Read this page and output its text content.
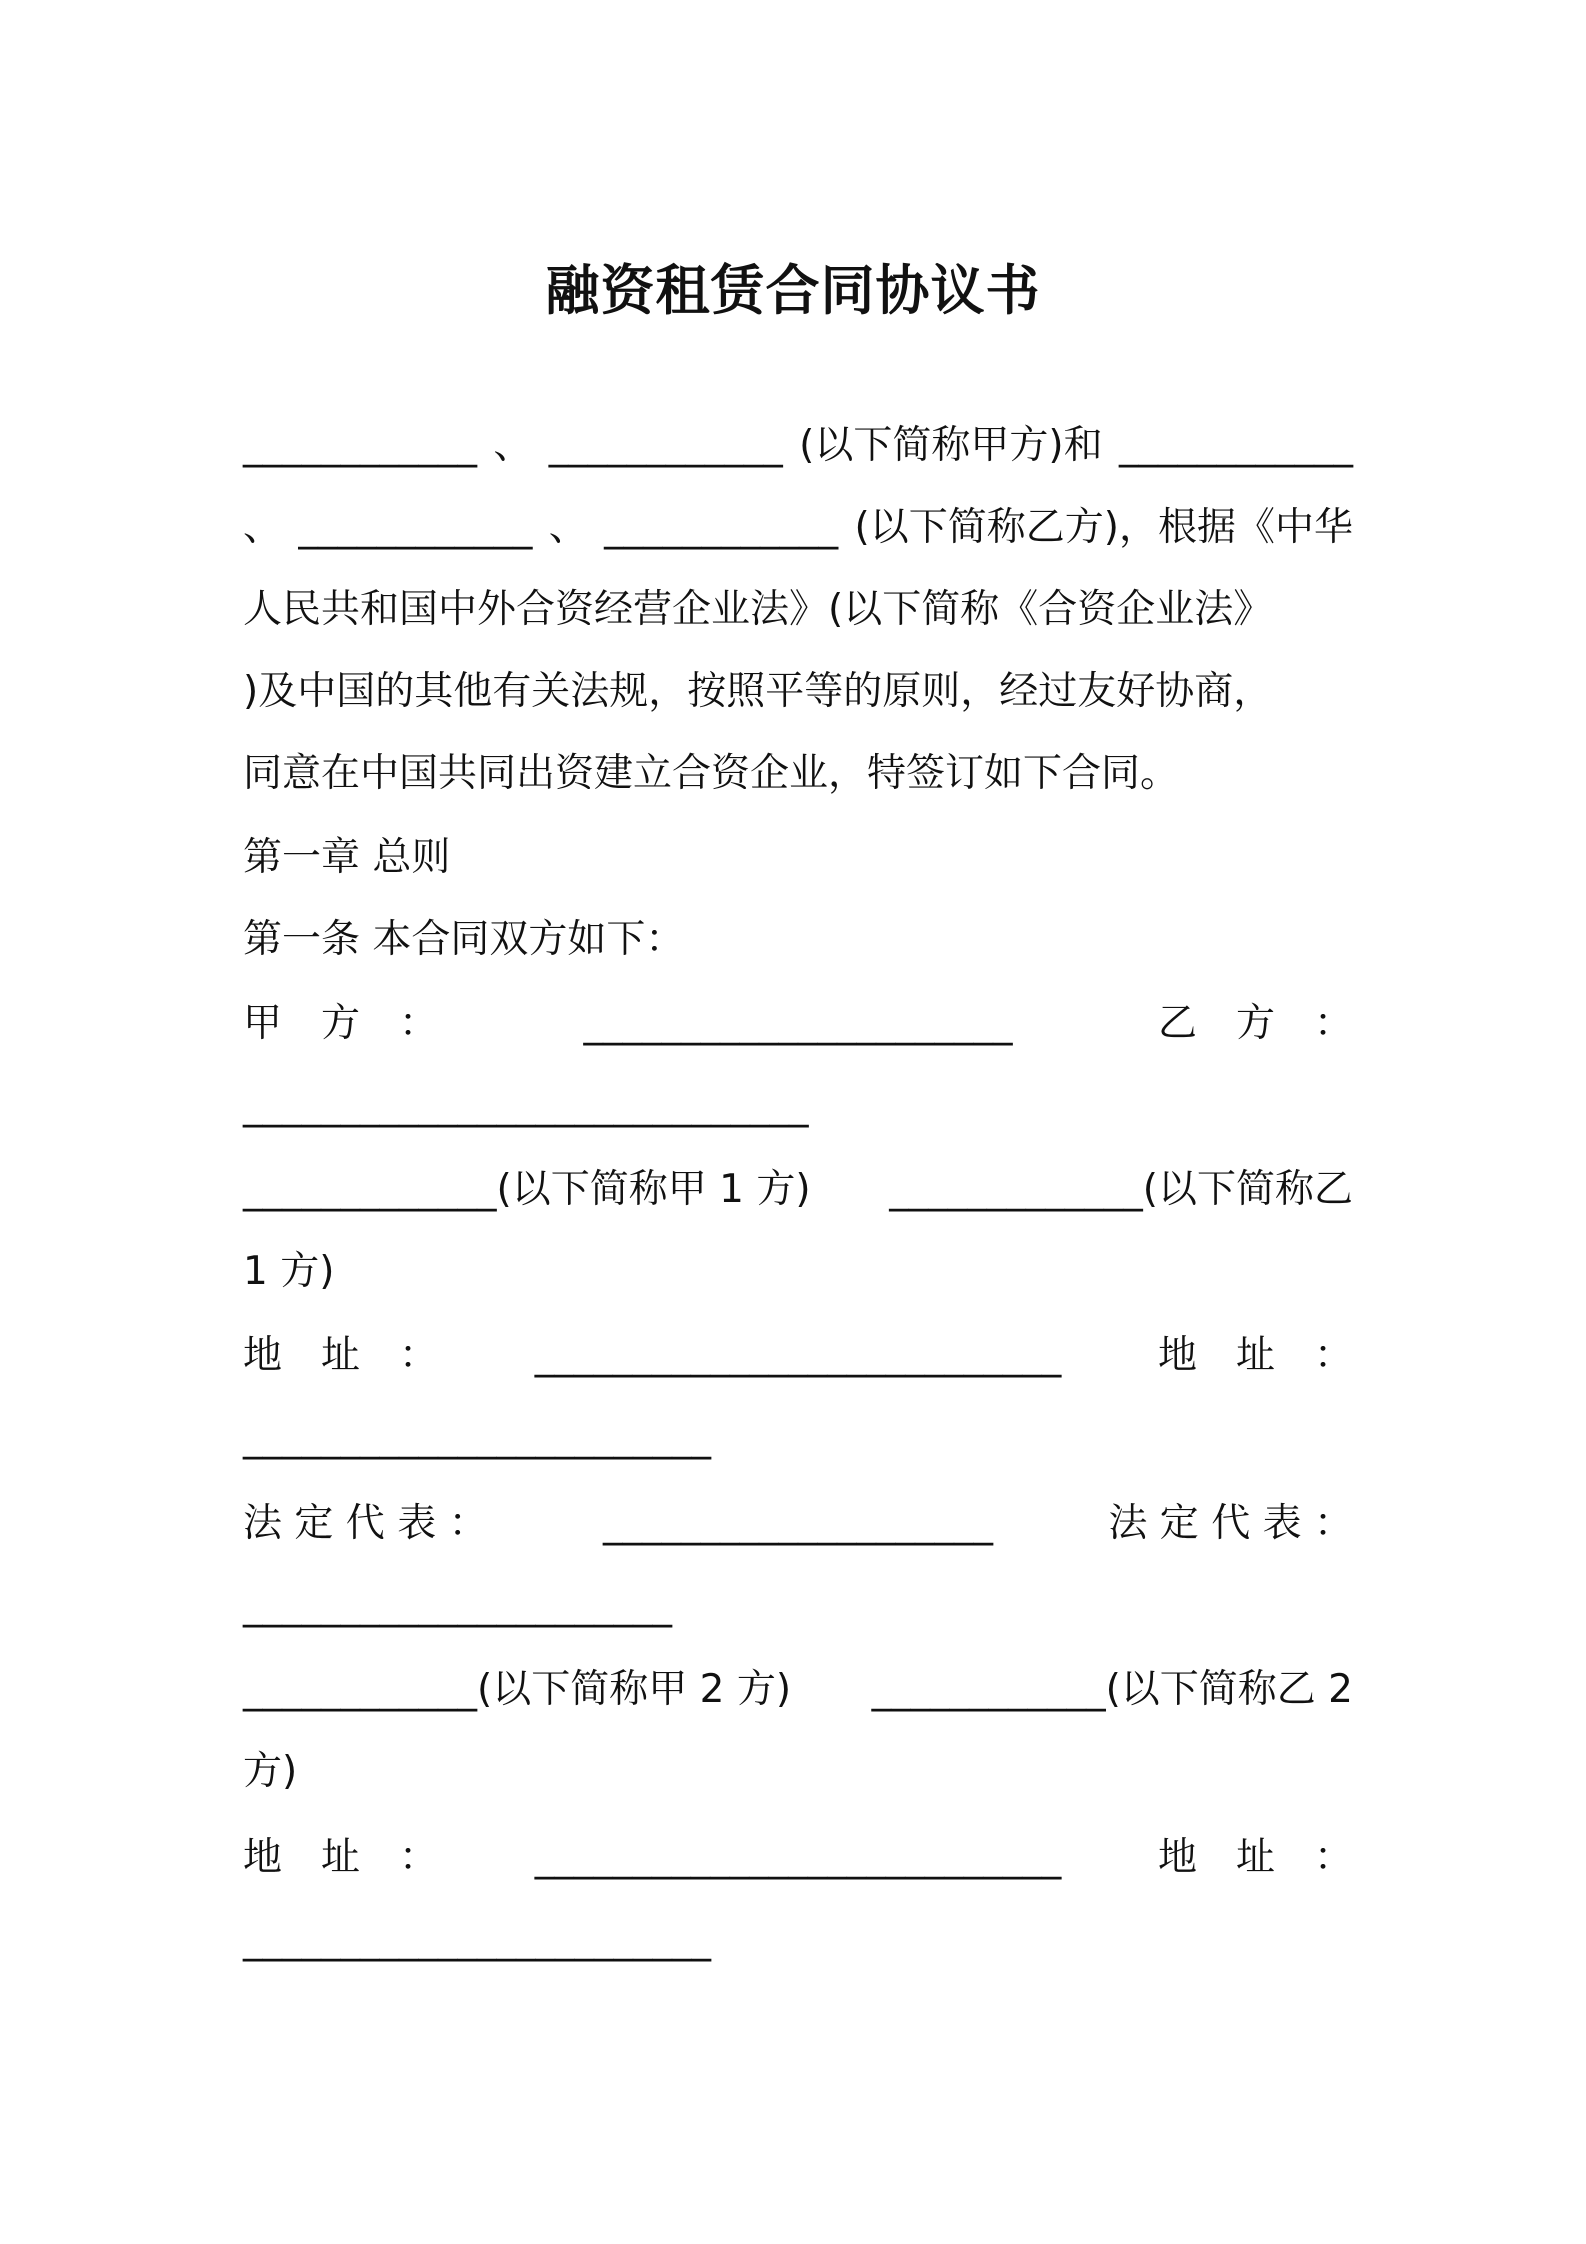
融资租赁合同协议书
____________ 、 ____________ (以下简称甲方)和 ____________
、 ____________ 、 ____________ (以下简称乙方)，根据《中华
人民共和国中外合资经营企业法》(以下简称《合资企业法》
)及中国的其他有关法规，按照平等的原则，经过友好协商，
同意在中国共同出资建立合资企业，特签订如下合同。
第一章 总则
第一条 本合同双方如下：
甲　方　：	______________________	乙　方　：
_____________________________
_____________(以下简称甲 1 方) _____________(以下简称乙
1 方)
地　址　： ___________________________ 地　址　：
________________________
法 定 代 表 ：	____________________	法 定 代 表 ：
______________________
____________(以下简称甲 2 方) ____________(以下简称乙 2
方)
地　址　： ___________________________ 地　址　：
________________________
